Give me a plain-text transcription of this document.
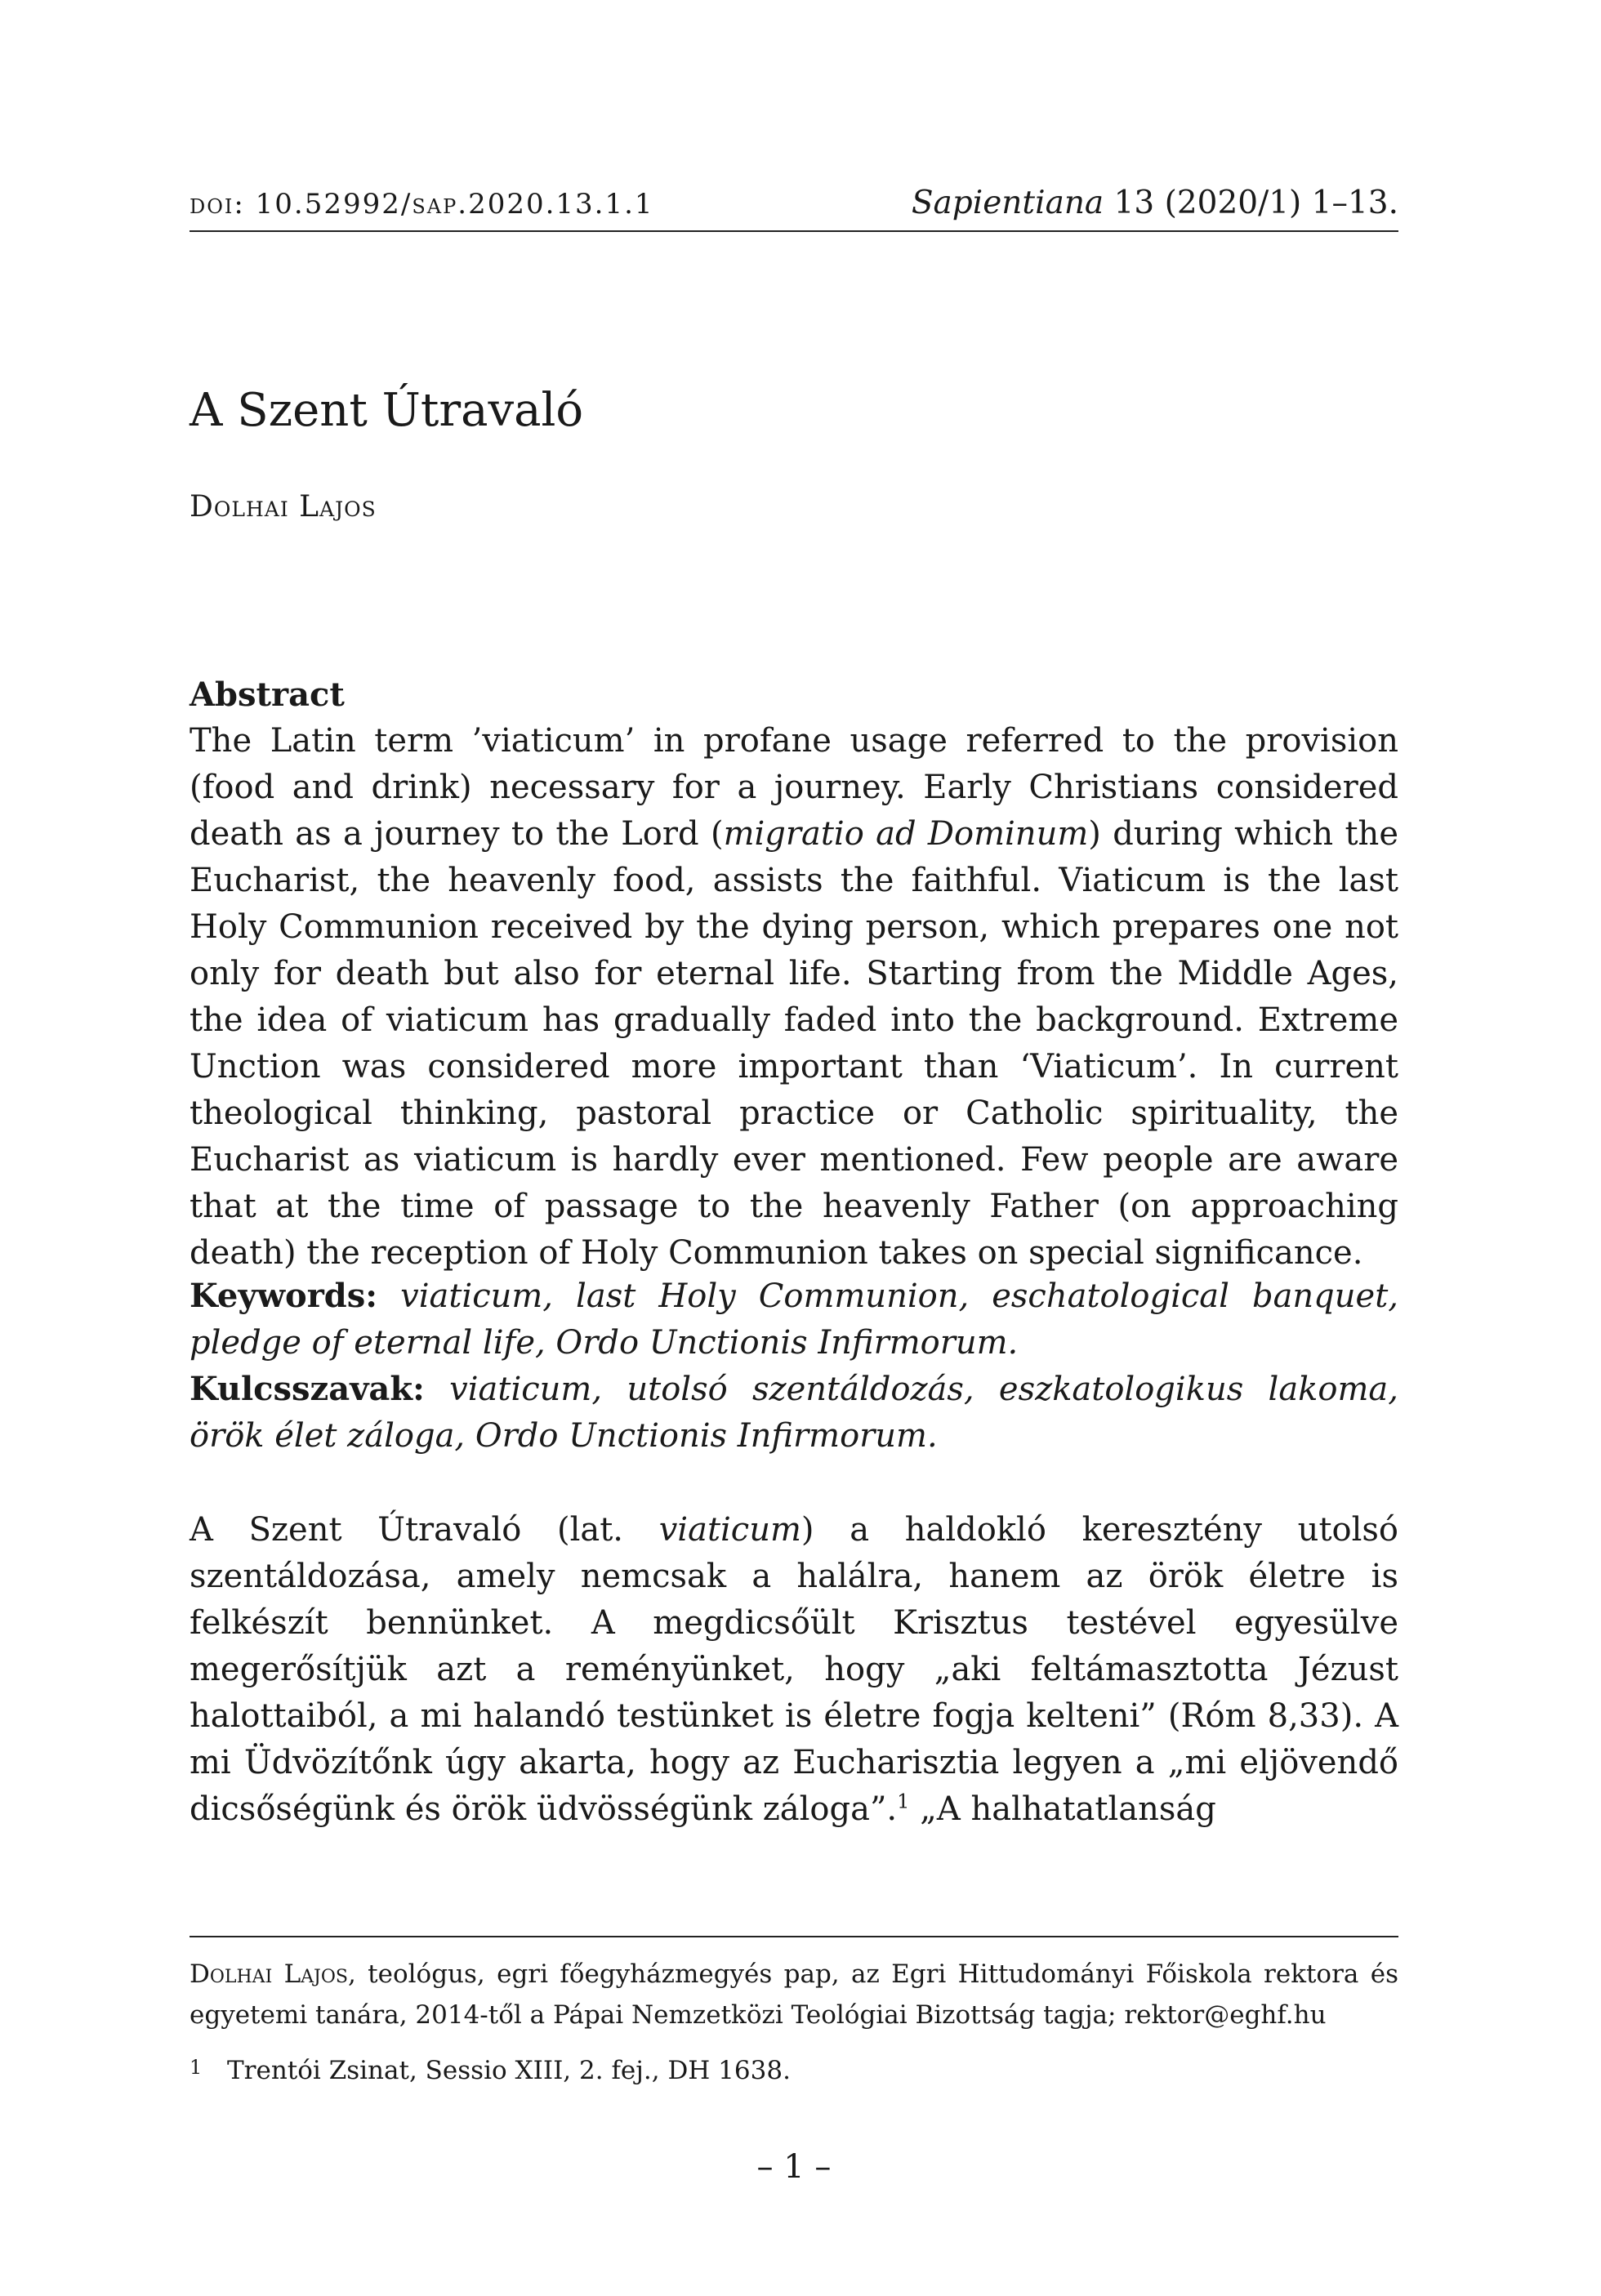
doi: 10.52992/sap.2020.13.1.1	Sapientiana 13 (2020/1) 1–13.
A Szent Útravaló
Dolhai Lajos
Abstract
The Latin term ’viaticum’ in profane usage referred to the provision (food and drink) necessary for a journey. Early Christians considered death as a journey to the Lord (migratio ad Dominum) during which the Eucharist, the heavenly food, assists the faithful. Viaticum is the last Holy Communion received by the dying person, which prepares one not only for death but also for eternal life. Starting from the Middle Ages, the idea of viaticum has gradually faded into the background. Extreme Unction was considered more important than ‘Viaticum’. In current theological thinking, pastoral practice or Catholic spirituality, the Eucharist as viaticum is hardly ever mentioned. Few people are aware that at the time of passage to the heavenly Father (on approaching death) the reception of Holy Communion takes on special significance.
Keywords: viaticum, last Holy Communion, eschatological banquet, pledge of eternal life, Ordo Unctionis Infirmorum.
Kulcsszavak: viaticum, utolsó szentáldozás, eszkatologikus lakoma, örök élet záloga, Ordo Unctionis Infirmorum.
A Szent Útravaló (lat. viaticum) a haldokló keresztény utolsó szentáldozása, amely nemcsak a halálra, hanem az örök életre is felkészít bennünket. A megdicsőült Krisztus testével egyesülve megerősítjük azt a reményünket, hogy „aki feltámasztotta Jézust halottaiból, a mi halandó testünket is életre fogja kelteni” (Róm 8,33). A mi Üdvözítőnk úgy akarta, hogy az Eucharisztia legyen a „mi eljövendő dicsőségünk és örök üdvösségünk záloga”.$^1$ „A halhatatlanság
Dolhai Lajos, teológus, egri főegyházmegyés pap, az Egri Hittudományi Főiskola rektora és egyetemi tanára, 2014-től a Pápai Nemzetközi Teológiai Bizottság tagja; rektor@eghf.hu
1 Trentói Zsinat, Sessio XIII, 2. fej., DH 1638.
– 1 –
